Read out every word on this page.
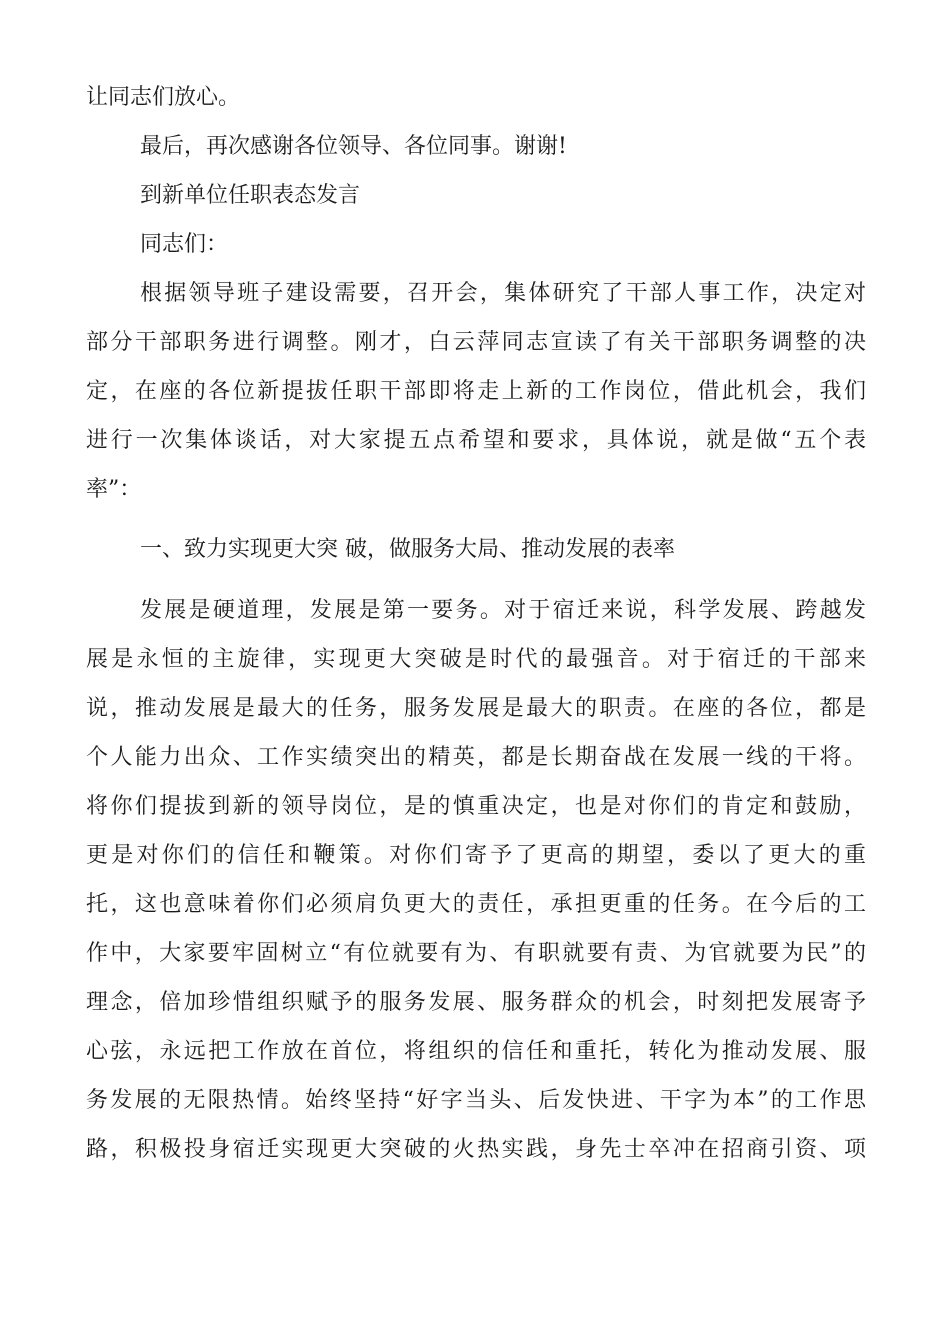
让同志们放心。
最后，再次感谢各位领导、各位同事。谢谢!
到新单位任职表态发言
同志们：
根据领导班子建设需要，召开会，集体研究了干部人事工作，决定对
部分干部职务进行调整。刚才，白云萍同志宣读了有关干部职务调整的决
定，在座的各位新提拔任职干部即将走上新的工作岗位，借此机会，我们
进行一次集体谈话，对大家提五点希望和要求，具体说，就是做“五个表
率”：
一、致力实现更大突 破，做服务大局、推动发展的表率
发展是硬道理，发展是第一要务。对于宿迁来说，科学发展、跨越发
展是永恒的主旋律，实现更大突破是时代的最强音。对于宿迁的干部来
说，推动发展是最大的任务，服务发展是最大的职责。在座的各位，都是
个人能力出众、工作实绩突出的精英，都是长期奋战在发展一线的干将。
将你们提拔到新的领导岗位，是的慎重决定，也是对你们的肯定和鼓励，
更是对你们的信任和鞭策。对你们寄予了更高的期望，委以了更大的重
托，这也意味着你们必须肩负更大的责任，承担更重的任务。在今后的工
作中，大家要牢固树立“有位就要有为、有职就要有责、为官就要为民”的
理念，倍加珍惜组织赋予的服务发展、服务群众的机会，时刻把发展寄予
心弦，永远把工作放在首位，将组织的信任和重托，转化为推动发展、服
务发展的无限热情。始终坚持“好字当头、后发快进、干字为本”的工作思
路，积极投身宿迁实现更大突破的火热实践，身先士卒冲在招商引资、项
